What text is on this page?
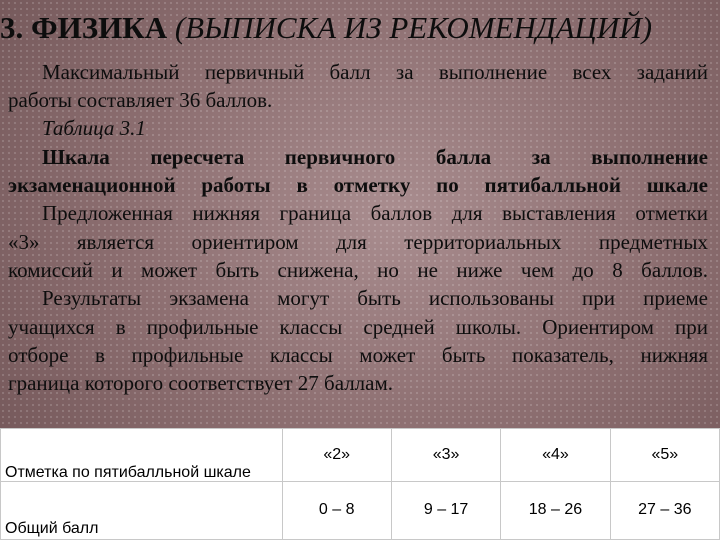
3. ФИЗИКА (ВЫПИСКА ИЗ РЕКОМЕНДАЦИЙ)

Максимальный первичный балл за выполнение всех заданий

работы составляет 36 баллов.

Таблица 3.1

Шкала пересчета первичного балла за выполнение

экзаменационной работы в отметку по пятибалльной шкале

Предложенная нижняя граница баллов для выставления отметки

«3» является ориентиром для территориальных предметных

комиссий и может быть снижена, но не ниже чем до 8 баллов.

Результаты экзамена могут быть использованы при приеме

учащихся в профильные классы средней школы. Ориентиром при

отборе в профильные классы может быть показатель, нижняя

граница которого соответствует 27 баллам.

Отметка по пятибалльной шкале	«2»	«3»	«4»	«5»
Общий балл	0 – 8	9 – 17	18 – 26	27 – 36
